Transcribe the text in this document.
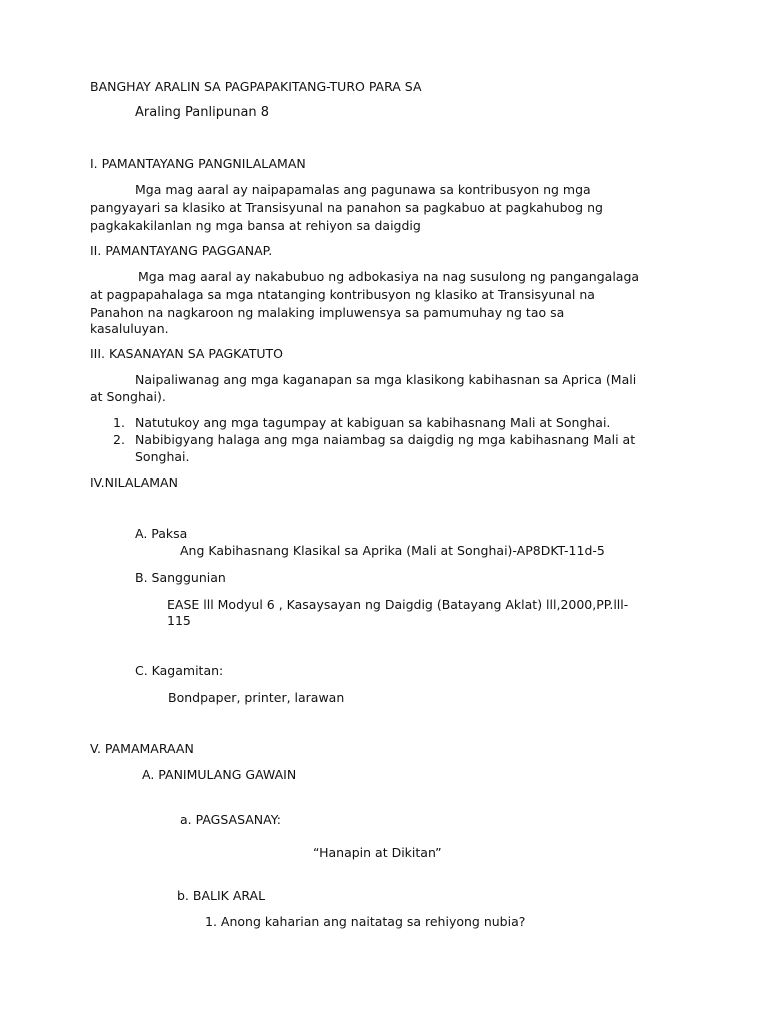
BANGHAY ARALIN SA PAGPAPAKITANG-TURO PARA SA
Araling Panlipunan 8
I. PAMANTAYANG PANGNILALAMAN
Mga mag aaral ay naipapamalas ang pagunawa sa kontribusyon ng mga
pangyayari sa klasiko at Transisyunal na panahon sa pagkabuo at pagkahubog ng
pagkakakilanlan ng mga bansa at rehiyon sa daigdig
II. PAMANTAYANG PAGGANAP.
Mga mag aaral ay nakabubuo ng adbokasiya na nag susulong ng pangangalaga
at pagpapahalaga sa mga ntatanging kontribusyon ng klasiko at Transisyunal na
Panahon na nagkaroon ng malaking impluwensya sa pamumuhay ng tao sa
kasaluluyan.
III. KASANAYAN SA PAGKATUTO
Naipaliwanag ang mga kaganapan sa mga klasikong kabihasnan sa Aprica (Mali
at Songhai).
1. Natutukoy ang mga tagumpay at kabiguan sa kabihasnang Mali at Songhai.
2. Nabibigyang halaga ang mga naiambag sa daigdig ng mga kabihasnang Mali at
Songhai.
IV.NILALAMAN
A. Paksa
Ang Kabihasnang Klasikal sa Aprika (Mali at Songhai)-AP8DKT-11d-5
B. Sanggunian
EASE lll Modyul 6 , Kasaysayan ng Daigdig (Batayang Aklat) lll,2000,PP.lll-
115
C. Kagamitan:
Bondpaper, printer, larawan
V. PAMAMARAAN
A. PANIMULANG GAWAIN
a. PAGSASANAY:
“Hanapin at Dikitan”
b. BALIK ARAL
1. Anong kaharian ang naitatag sa rehiyong nubia?
